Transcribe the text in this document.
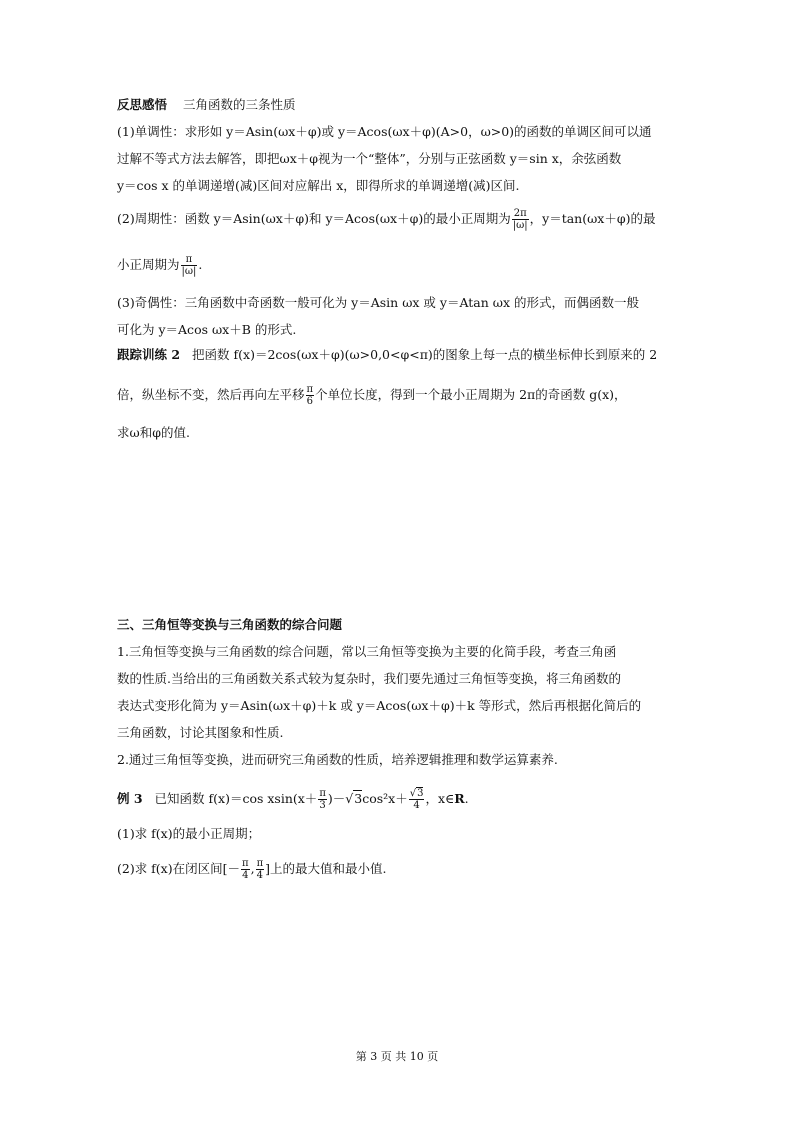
反思感悟 三角函数的三条性质
(1)单调性：求形如 y＝Asin(ωx＋φ)或 y＝Acos(ωx＋φ)(A>0，ω>0)的函数的单调区间可以通
过解不等式方法去解答，即把ωx＋φ视为一个“整体”，分别与正弦函数 y＝sin x，余弦函数
y＝cos x 的单调递增(减)区间对应解出 x，即得所求的单调递增(减)区间.
(2)周期性：函数 y＝Asin(ωx＋φ)和 y＝Acos(ωx＋φ)的最小正周期为 $\frac{2\pi}{|\omega|}$ ，y＝tan(ωx＋φ)的最
小正周期为 $\frac{\pi}{|\omega|}$ .
(3)奇偶性：三角函数中奇函数一般可化为 y＝Asin ωx 或 y＝Atan ωx 的形式，而偶函数一般
可化为 y＝Acos ωx＋B 的形式.
跟踪训练 2 把函数 f(x)＝2cos(ωx＋φ)(ω>0,0<φ<π)的图象上每一点的横坐标伸长到原来的 2
倍，纵坐标不变，然后再向左平移 $\frac{\pi}{6}$ 个单位长度，得到一个最小正周期为 2π的奇函数 g(x)，
求ω和φ的值.
三、三角恒等变换与三角函数的综合问题
1.三角恒等变换与三角函数的综合问题，常以三角恒等变换为主要的化简手段，考查三角函
数的性质.当给出的三角函数关系式较为复杂时，我们要先通过三角恒等变换，将三角函数的
表达式变形化简为 y＝Asin(ωx＋φ)＋k 或 y＝Acos(ωx＋φ)＋k 等形式，然后再根据化简后的
三角函数，讨论其图象和性质.
2.通过三角恒等变换，进而研究三角函数的性质，培养逻辑推理和数学运算素养.
例 3 已知函数 f(x)＝cos $xsin(x+ \frac{\pi}{3} )-√3\cos^2x+ \frac{√3}{4}$ ，x∈R.
(1)求 f(x)的最小正周期；
(2)求 f(x)在闭区间[－ $\frac{\pi}{4}$ , $\frac{\pi}{4}$ ]上的最大值和最小值.
第 3 页 共 10 页
